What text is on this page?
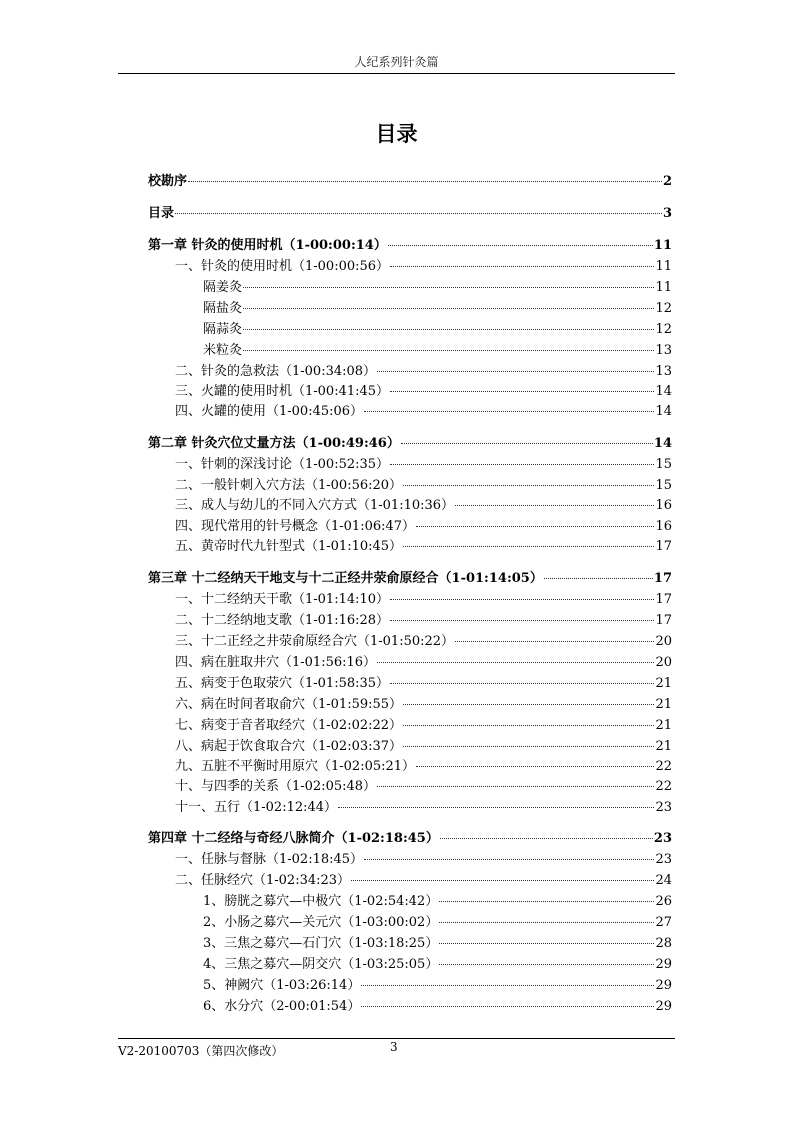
人纪系列针灸篇
目录
校勘序	2
目录	3
第一章 针灸的使用时机（1-00:00:14）	11
一、针灸的使用时机（1-00:00:56）	11
隔姜灸	11
隔盐灸	12
隔蒜灸	12
米粒灸	13
二、针灸的急救法（1-00:34:08）	13
三、火罐的使用时机（1-00:41:45）	14
四、火罐的使用（1-00:45:06）	14
第二章 针灸穴位丈量方法（1-00:49:46）	14
一、针刺的深浅讨论（1-00:52:35）	15
二、一般针刺入穴方法（1-00:56:20）	15
三、成人与幼儿的不同入穴方式（1-01:10:36）	16
四、现代常用的针号概念（1-01:06:47）	16
五、黄帝时代九针型式（1-01:10:45）	17
第三章 十二经纳天干地支与十二正经井荥俞原经合（1-01:14:05）	17
一、十二经纳天干歌（1-01:14:10）	17
二、十二经纳地支歌（1-01:16:28）	17
三、十二正经之井荥俞原经合穴（1-01:50:22）	20
四、病在脏取井穴（1-01:56:16）	20
五、病变于色取荥穴（1-01:58:35）	21
六、病在时间者取俞穴（1-01:59:55）	21
七、病变于音者取经穴（1-02:02:22）	21
八、病起于饮食取合穴（1-02:03:37）	21
九、五脏不平衡时用原穴（1-02:05:21）	22
十、与四季的关系（1-02:05:48）	22
十一、五行（1-02:12:44）	23
第四章 十二经络与奇经八脉简介（1-02:18:45）	23
一、任脉与督脉（1-02:18:45）	23
二、任脉经穴（1-02:34:23）	24
1、膀胱之募穴—中极穴（1-02:54:42）	26
2、小肠之募穴—关元穴（1-03:00:02）	27
3、三焦之募穴—石门穴（1-03:18:25）	28
4、三焦之募穴—阴交穴（1-03:25:05）	29
5、神阙穴（1-03:26:14）	29
6、水分穴（2-00:01:54）	29
V2-20100703（第四次修改）	3
